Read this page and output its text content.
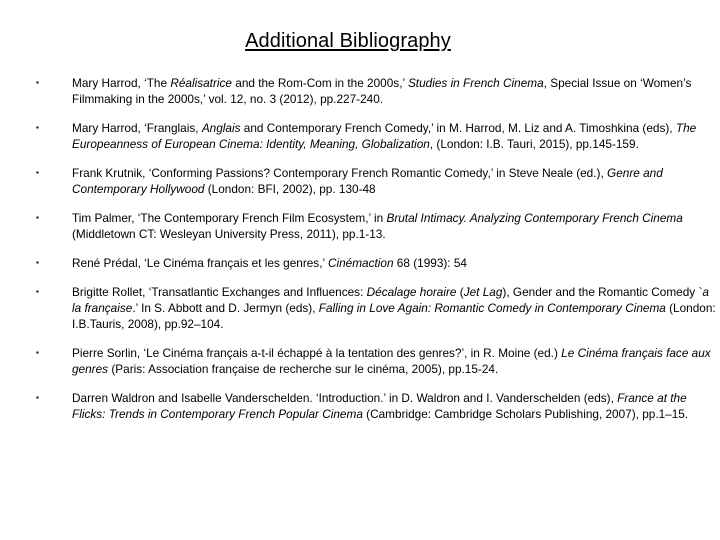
Additional Bibliography
▪	Mary Harrod, ‘The Réalisatrice and the Rom-Com in the 2000s,’ Studies in French Cinema, Special Issue on ‘Women’s Filmmaking in the 2000s,’ vol. 12, no. 3 (2012), pp.227-240.
▪	Mary Harrod, ‘Franglais, Anglais and Contemporary French Comedy,’ in M. Harrod, M. Liz and A. Timoshkina (eds), The Europeanness of European Cinema: Identity, Meaning, Globalization, (London: I.B. Tauri, 2015), pp.145-159.
▪	Frank Krutnik, ‘Conforming Passions? Contemporary French Romantic Comedy,’ in Steve Neale (ed.), Genre and Contemporary Hollywood (London: BFI, 2002), pp. 130-48
▪	Tim Palmer, ‘The Contemporary French Film Ecosystem,’ in Brutal Intimacy. Analyzing Contemporary French Cinema (Middletown CT: Wesleyan University Press, 2011), pp.1-13.
▪	René Prédal, ‘Le Cinéma français et les genres,’ Cinémaction 68 (1993): 54
▪	Brigitte Rollet, ‘Transatlantic Exchanges and Influences: Décalage horaire (Jet Lag), Gender and the Romantic Comedy `a la française.’ In S. Abbott and D. Jermyn (eds), Falling in Love Again: Romantic Comedy in Contemporary Cinema (London: I.B.Tauris, 2008), pp.92–104.
▪	Pierre Sorlin, ‘Le Cinéma français a-t-il échappé à la tentation des genres?’, in R. Moine (ed.) Le Cinéma français face aux genres (Paris: Association française de recherche sur le cinéma, 2005), pp.15-24.
▪	Darren Waldron and Isabelle Vanderschelden. ‘Introduction.’ in D. Waldron and I. Vanderschelden (eds), France at the Flicks: Trends in Contemporary French Popular Cinema (Cambridge: Cambridge Scholars Publishing, 2007), pp.1–15.
